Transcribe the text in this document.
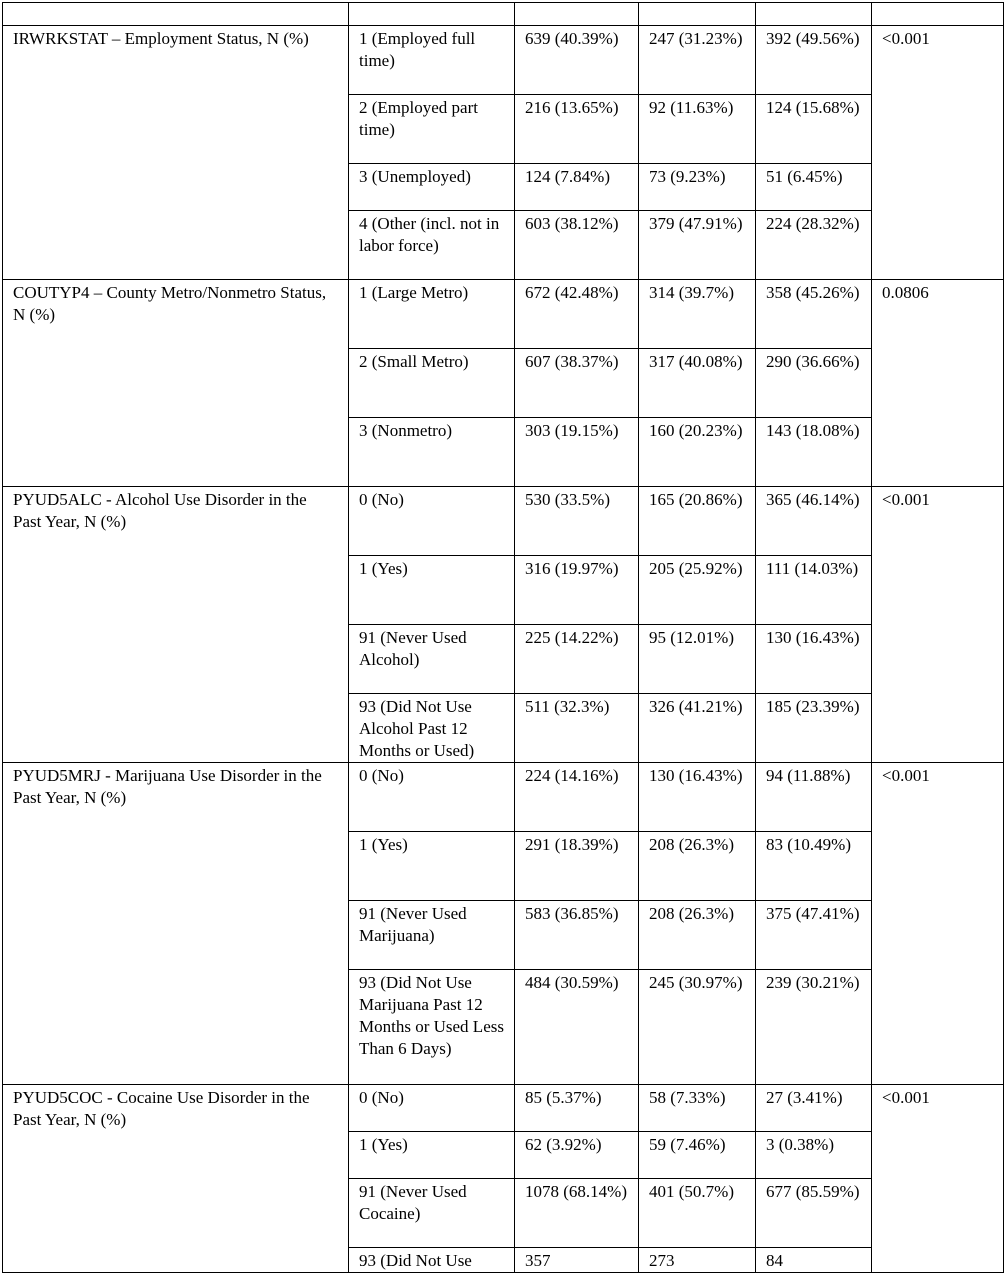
IRWRKSTAT – Employment Status, N (%)	1 (Employed full time)	639 (40.39%)	247 (31.23%)	392 (49.56%)	<0.001
	2 (Employed part time)	216 (13.65%)	92 (11.63%)	124 (15.68%)	
	3 (Unemployed)	124 (7.84%)	73 (9.23%)	51 (6.45%)	
	4 (Other (incl. not in labor force)	603 (38.12%)	379 (47.91%)	224 (28.32%)	
COUTYP4 – County Metro/Nonmetro Status, N (%)	1 (Large Metro)	672 (42.48%)	314 (39.7%)	358 (45.26%)	0.0806
	2 (Small Metro)	607 (38.37%)	317 (40.08%)	290 (36.66%)	
	3 (Nonmetro)	303 (19.15%)	160 (20.23%)	143 (18.08%)	
PYUD5ALC - Alcohol Use Disorder in the Past Year, N (%)	0 (No)	530 (33.5%)	165 (20.86%)	365 (46.14%)	<0.001
	1 (Yes)	316 (19.97%)	205 (25.92%)	111 (14.03%)	
	91 (Never Used Alcohol)	225 (14.22%)	95 (12.01%)	130 (16.43%)	
	93 (Did Not Use Alcohol Past 12 Months or Used)	511 (32.3%)	326 (41.21%)	185 (23.39%)	
PYUD5MRJ - Marijuana Use Disorder in the Past Year, N (%)	0 (No)	224 (14.16%)	130 (16.43%)	94 (11.88%)	<0.001
	1 (Yes)	291 (18.39%)	208 (26.3%)	83 (10.49%)	
	91 (Never Used Marijuana)	583 (36.85%)	208 (26.3%)	375 (47.41%)	
	93 (Did Not Use Marijuana Past 12 Months or Used Less Than 6 Days)	484 (30.59%)	245 (30.97%)	239 (30.21%)	
PYUD5COC - Cocaine Use Disorder in the Past Year, N (%)	0 (No)	85 (5.37%)	58 (7.33%)	27 (3.41%)	<0.001
	1 (Yes)	62 (3.92%)	59 (7.46%)	3 (0.38%)	
	91 (Never Used Cocaine)	1078 (68.14%)	401 (50.7%)	677 (85.59%)	
	93 (Did Not Use	357	273	84	
